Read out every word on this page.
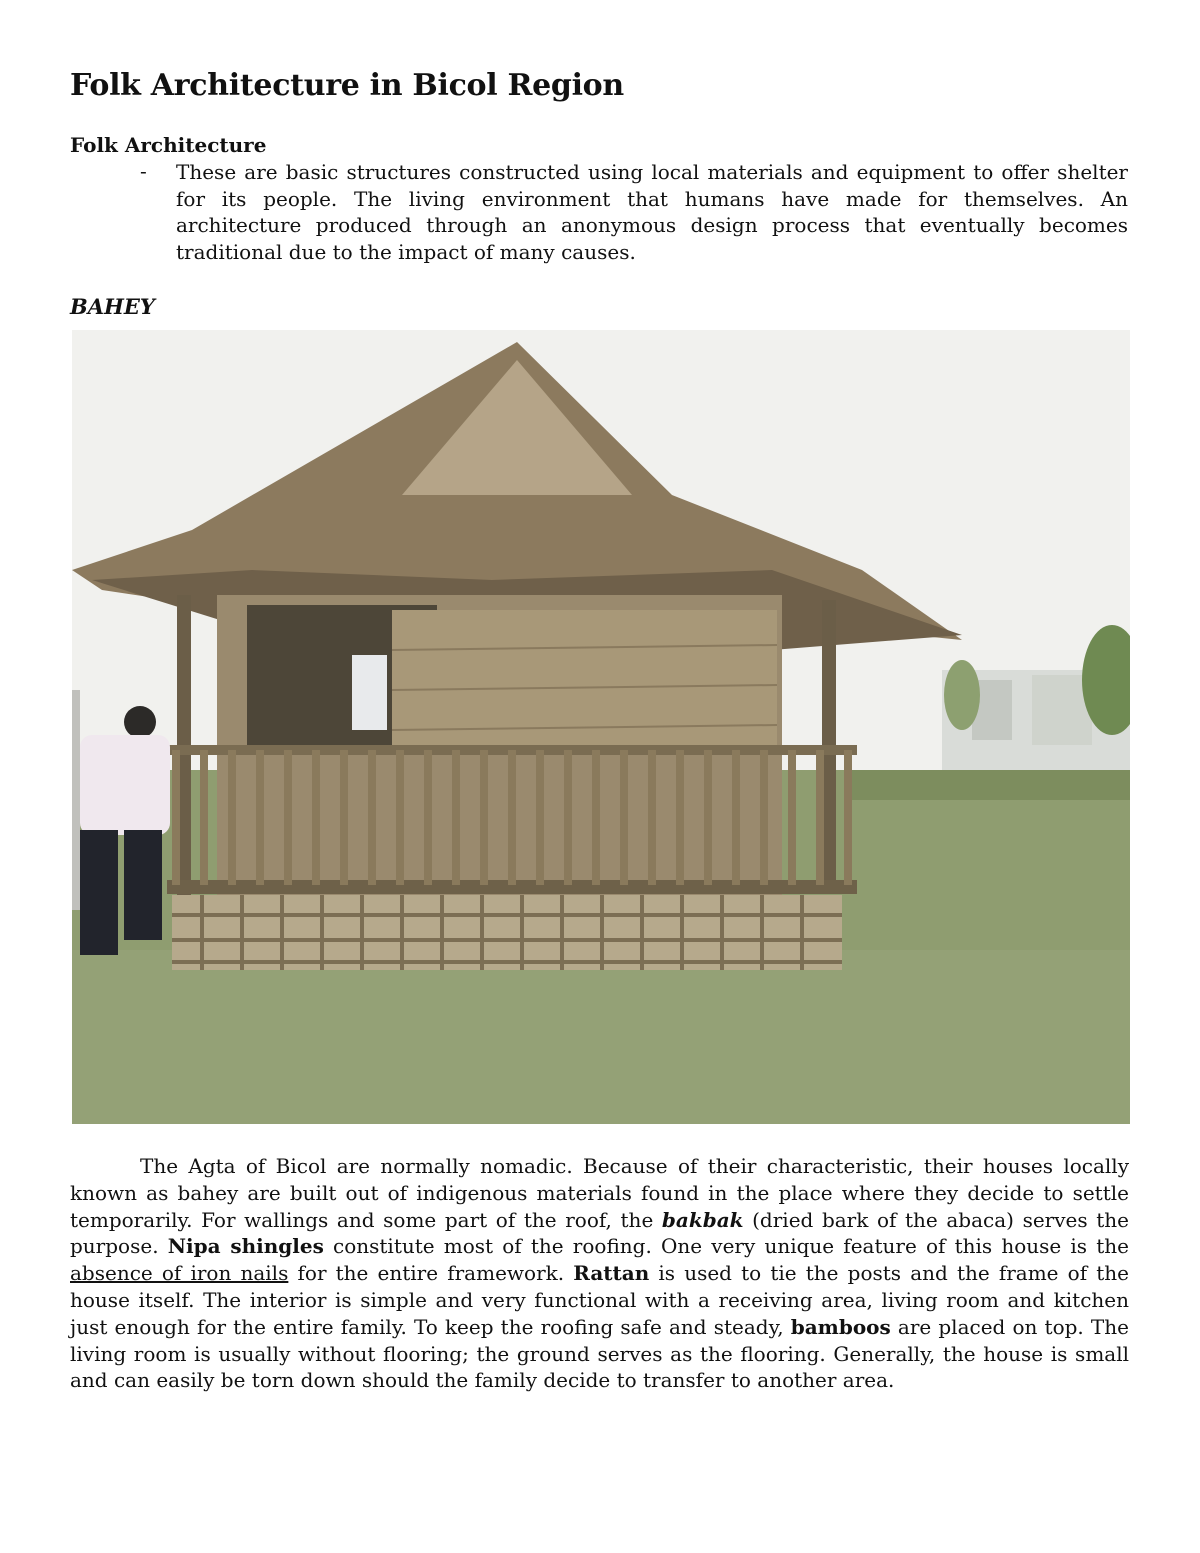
Folk Architecture in Bicol Region
Folk Architecture
- These are basic structures constructed using local materials and equipment to offer shelter for its people. The living environment that humans have made for themselves. An architecture produced through an anonymous design process that eventually becomes traditional due to the impact of many causes.

BAHEY

The Agta of Bicol are normally nomadic. Because of their characteristic, their houses locally known as bahey are built out of indigenous materials found in the place where they decide to settle temporarily. For wallings and some part of the roof, the bakbak (dried bark of the abaca) serves the purpose. Nipa shingles constitute most of the roofing. One very unique feature of this house is the absence of iron nails for the entire framework. Rattan is used to tie the posts and the frame of the house itself. The interior is simple and very functional with a receiving area, living room and kitchen just enough for the entire family. To keep the roofing safe and steady, bamboos are placed on top. The living room is usually without flooring; the ground serves as the flooring. Generally, the house is small and can easily be torn down should the family decide to transfer to another area.
